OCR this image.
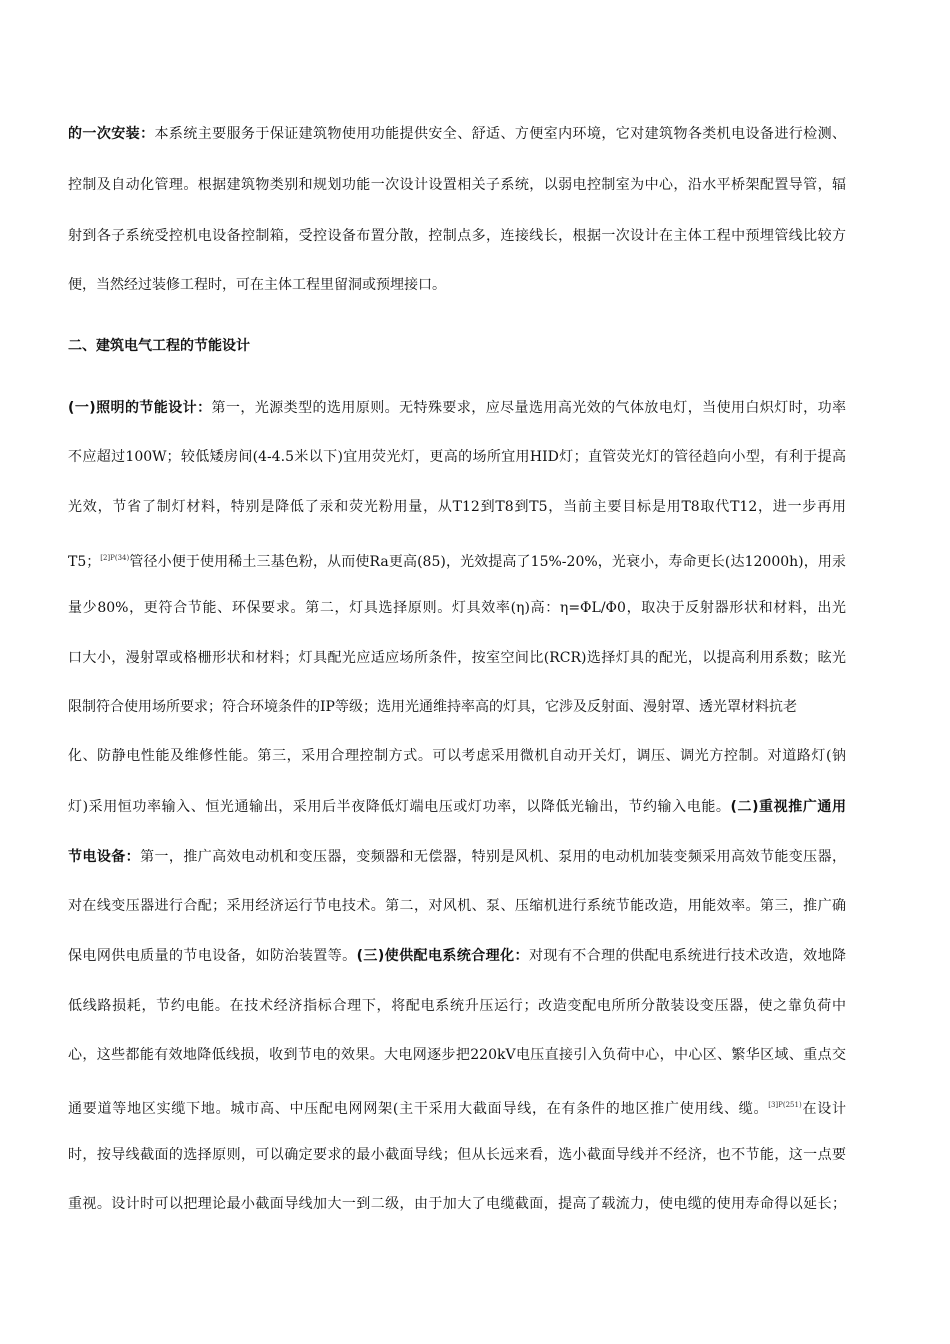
的一次安装：本系统主要服务于保证建筑物使用功能提供安全、舒适、方便室内环境，它对建筑物各类机电设备进行检测、
控制及自动化管理。根据建筑物类别和规划功能一次设计设置相关子系统，以弱电控制室为中心，沿水平桥架配置导管，辐
射到各子系统受控机电设备控制箱，受控设备布置分散，控制点多，连接线长，根据一次设计在主体工程中预埋管线比较方
便，当然经过装修工程时，可在主体工程里留洞或预埋接口。
二、建筑电气工程的节能设计
(一)照明的节能设计：第一，光源类型的选用原则。无特殊要求，应尽量选用高光效的气体放电灯，当使用白炽灯时，功率
不应超过100W；较低矮房间(4-4.5米以下)宜用荧光灯，更高的场所宜用HID灯；直管荧光灯的管径趋向小型，有利于提高
光效，节省了制灯材料，特别是降低了汞和荧光粉用量，从T12到T8到T5，当前主要目标是用T8取代T12，进一步再用
T5；$^{[2]P(34)}$管径小便于使用稀土三基色粉，从而使Ra更高(85)，光效提高了15%-20%，光衰小，寿命更长(达12000h)，用汞
量少80%，更符合节能、环保要求。第二，灯具选择原则。灯具效率(η)高：η=ΦL/Φ0，取决于反射器形状和材料，出光
口大小，漫射罩或格栅形状和材料；灯具配光应适应场所条件，按室空间比(RCR)选择灯具的配光，以提高利用系数；眩光
限制符合使用场所要求；符合环境条件的IP等级；选用光通维持率高的灯具，它涉及反射面、漫射罩、透光罩材料抗老
化、防静电性能及维修性能。第三，采用合理控制方式。可以考虑采用微机自动开关灯，调压、调光方控制。对道路灯(钠
灯)采用恒功率输入、恒光通输出，采用后半夜降低灯端电压或灯功率，以降低光输出，节约输入电能。(二)重视推广通用
节电设备：第一，推广高效电动机和变压器，变频器和无偿器，特别是风机、泵用的电动机加装变频采用高效节能变压器，
对在线变压器进行合配；采用经济运行节电技术。第二，对风机、泵、压缩机进行系统节能改造，用能效率。第三，推广确
保电网供电质量的节电设备，如防治装置等。(三)使供配电系统合理化：对现有不合理的供配电系统进行技术改造，效地降
低线路损耗，节约电能。在技术经济指标合理下，将配电系统升压运行；改造变配电所所分散装设变压器，使之靠负荷中
心，这些都能有效地降低线损，收到节电的效果。大电网逐步把220kV电压直接引入负荷中心，中心区、繁华区域、重点交
通要道等地区实缆下地。城市高、中压配电网网架(主干采用大截面导线，在有条件的地区推广使用线、缆。$^{[3]P(251)}$在设计
时，按导线截面的选择原则，可以确定要求的最小截面导线；但从长远来看，选小截面导线并不经济，也不节能，这一点要
重视。设计时可以把理论最小截面导线加大一到二级，由于加大了电缆截面，提高了载流力，使电缆的使用寿命得以延长；
